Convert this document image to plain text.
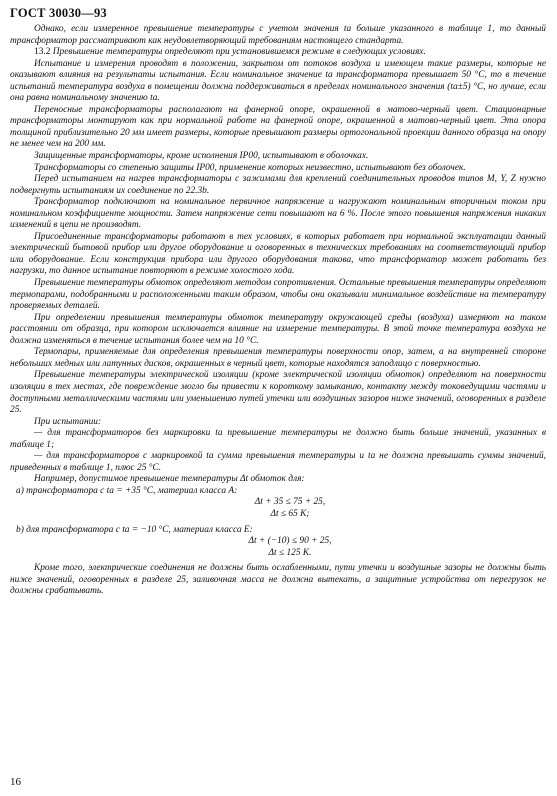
ГОСТ 30030—93

Однако, если измеренное превышение температуры с учетом значения tа больше указанного в таблице 1, то данный трансформатор рассматривают как неудовлетворяющий требованиям настоящего стандарта.

13.2 Превышение температуры определяют при установившемся режиме в следующих условиях.

Испытание и измерения проводят в положении, закрытом от потоков воздуха и имеющем такие размеры, которые не оказывают влияния на результаты испытания. Если номинальное значение tа трансформатора превышает 50 °С, то в течение испытаний температура воздуха в помещении должна поддерживаться в пределах номинального значения (tа±5) °С, но лучше, если она равна номинальному значению tа.

Переносные трансформаторы располагают на фанерной опоре, окрашенной в матово-черный цвет. Стационарные трансформаторы монтируют как при нормальной работе на фанерной опоре, окрашенной в матово-черный цвет. Эта опора толщиной приблизительно 20 мм имеет размеры, которые превышают размеры ортогональной проекции данного образца на опору не менее чем на 200 мм.

Защищенные трансформаторы, кроме исполнения IP00, испытывают в оболочках.

Трансформаторы со степенью защиты IP00, применение которых неизвестно, испытывают без оболочек.

Перед испытанием на нагрев трансформаторы с зажимами для креплений соединительных проводов типов М, Y, Z нужно подвергнуть испытаниям их соединение по 22.3b.

Трансформатор подключают на номинальное первичное напряжение и нагружают номинальным вторичным током при номинальном коэффициенте мощности. Затем напряжение сети повышают на 6 %. После этого повышения напряжения никаких изменений в цепи не производят.

Присоединенные трансформаторы работают в тех условиях, в которых работает при нормальной эксплуатации данный электрический бытовой прибор или другое оборудование и оговоренных в технических требованиях на соответствующий прибор или оборудование. Если конструкция прибора или другого оборудования такова, что трансформатор может работать без нагрузки, то данное испытание повторяют в режиме холостого хода.

Превышение температуры обмоток определяют методом сопротивления. Остальные превышения температуры определяют термопарами, подобранными и расположенными таким образом, чтобы они оказывали минимальное воздействие на температуру проверяемых деталей.

При определении превышения температуры обмоток температуру окружающей среды (воздуха) измеряют на таком расстоянии от образца, при котором исключается влияние на измерение температуры. В этой точке температура воздуха не должна изменяться в течение испытания более чем на 10 °С.

Термопары, применяемые для определения превышения температуры поверхности опор, затем, а на внутренней стороне небольших медных или латунных дисков, окрашенных в черный цвет, которые находятся заподлицо с поверхностью.

Превышение температуры электрической изоляции (кроме электрической изоляции обмоток) определяют на поверхности изоляции в тех местах, где повреждение могло бы привести к короткому замыканию, контакту между токоведущими частями и доступными металлическими частями или уменьшению путей утечки или воздушных зазоров ниже значений, оговоренных в разделе 25.

При испытании:

— для трансформаторов без маркировки tа превышение температуры не должно быть больше значений, указанных в таблице 1;

— для трансформаторов с маркировкой tа сумма превышения температуры и tа не должна превышать суммы значений, приведенных в таблице 1, плюс 25 °С.

Например, допустимое превышение температуры Δt обмоток для:

a) трансформатора с tа = +35 °С, материал класса А:

Δt + 35 ≤ 75 + 25,

Δt ≤ 65 К;

b) для трансформатора с tа = −10 °С, материал класса Е:

Δt + (−10) ≤ 90 + 25,

Δt ≤ 125 К.

Кроме того, электрические соединения не должны быть ослабленными, пути утечки и воздушные зазоры не должны быть ниже значений, оговоренных в разделе 25, заливочная масса не должна вытекать, а защитные устройства от перегрузок не должны срабатывать.

16
